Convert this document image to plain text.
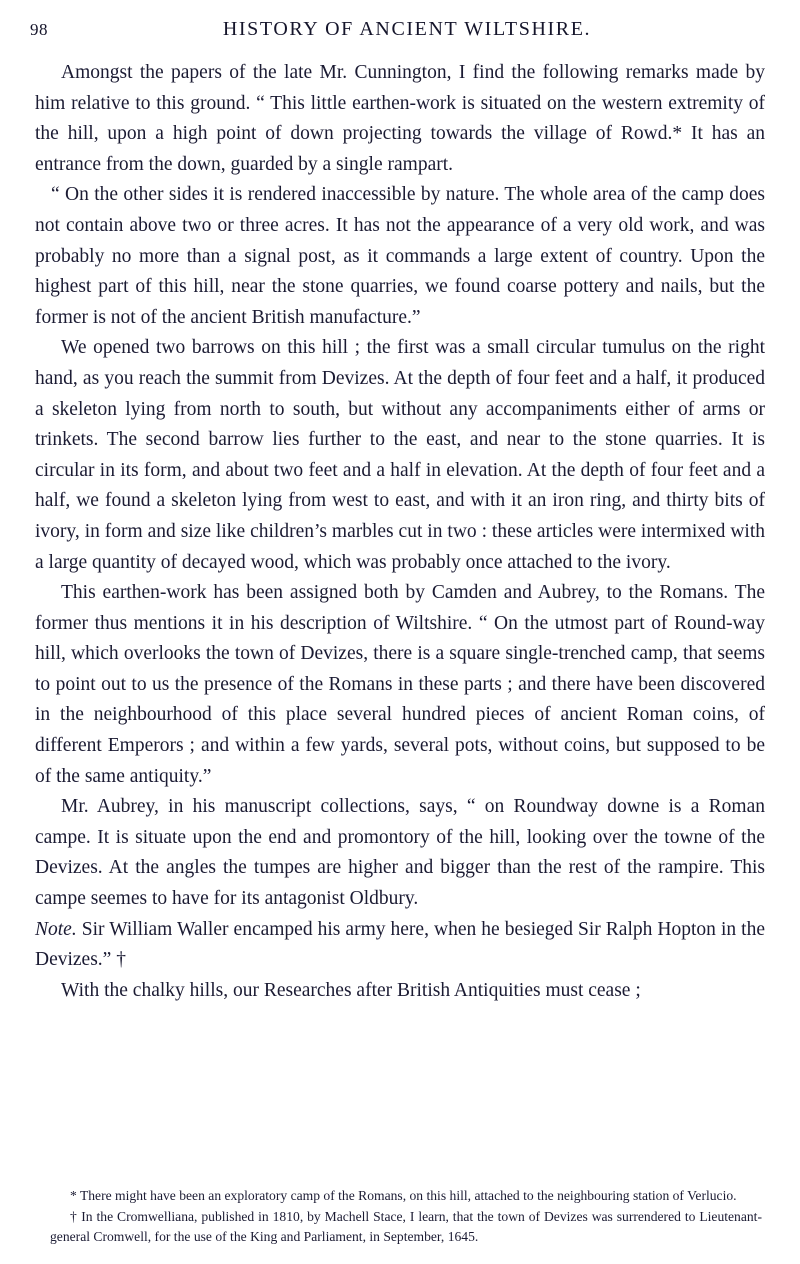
98	HISTORY OF ANCIENT WILTSHIRE.

Amongst the papers of the late Mr. Cunnington, I find the following remarks made by him relative to this ground. “ This little earthen-work is situated on the western extremity of the hill, upon a high point of down projecting towards the village of Rowd.* It has an entrance from the down, guarded by a single rampart.

“ On the other sides it is rendered inaccessible by nature. The whole area of the camp does not contain above two or three acres. It has not the appearance of a very old work, and was probably no more than a signal post, as it commands a large extent of country. Upon the highest part of this hill, near the stone quarries, we found coarse pottery and nails, but the former is not of the ancient British manufacture.”

We opened two barrows on this hill ; the first was a small circular tumulus on the right hand, as you reach the summit from Devizes. At the depth of four feet and a half, it produced a skeleton lying from north to south, but without any accompaniments either of arms or trinkets. The second barrow lies further to the east, and near to the stone quarries. It is circular in its form, and about two feet and a half in elevation. At the depth of four feet and a half, we found a skeleton lying from west to east, and with it an iron ring, and thirty bits of ivory, in form and size like children’s marbles cut in two : these articles were intermixed with a large quantity of decayed wood, which was probably once attached to the ivory.

This earthen-work has been assigned both by Camden and Aubrey, to the Romans. The former thus mentions it in his description of Wiltshire. “ On the utmost part of Round-way hill, which overlooks the town of Devizes, there is a square single-trenched camp, that seems to point out to us the presence of the Romans in these parts ; and there have been discovered in the neighbourhood of this place several hundred pieces of ancient Roman coins, of different Emperors ; and within a few yards, several pots, without coins, but supposed to be of the same antiquity.”

Mr. Aubrey, in his manuscript collections, says, “ on Roundway downe is a Roman campe. It is situate upon the end and promontory of the hill, looking over the towne of the Devizes. At the angles the tumpes are higher and bigger than the rest of the rampire. This campe seemes to have for its antagonist Oldbury.

Note. Sir William Waller encamped his army here, when he besieged Sir Ralph Hopton in the Devizes.” †

With the chalky hills, our Researches after British Antiquities must cease ;

* There might have been an exploratory camp of the Romans, on this hill, attached to the neighbouring station of Verlucio.

† In the Cromwelliana, published in 1810, by Machell Stace, I learn, that the town of Devizes was surrendered to Lieutenant-general Cromwell, for the use of the King and Parliament, in September, 1645.
